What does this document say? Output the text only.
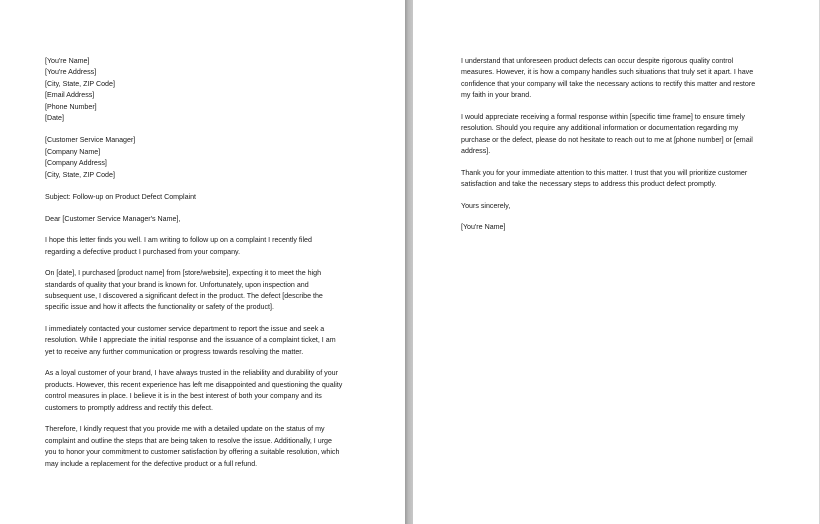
[You're Name]
[You're Address]
[City, State, ZIP Code]
[Email Address]
[Phone Number]
[Date]
[Customer Service Manager]
[Company Name]
[Company Address]
[City, State, ZIP Code]
Subject: Follow-up on Product Defect Complaint
Dear [Customer Service Manager's Name],
I hope this letter finds you well. I am writing to follow up on a complaint I recently filed
regarding a defective product I purchased from your company.
On [date], I purchased [product name] from [store/website], expecting it to meet the high
standards of quality that your brand is known for. Unfortunately, upon inspection and
subsequent use, I discovered a significant defect in the product. The defect [describe the
specific issue and how it affects the functionality or safety of the product].
I immediately contacted your customer service department to report the issue and seek a
resolution. While I appreciate the initial response and the issuance of a complaint ticket, I am
yet to receive any further communication or progress towards resolving the matter.
As a loyal customer of your brand, I have always trusted in the reliability and durability of your
products. However, this recent experience has left me disappointed and questioning the quality
control measures in place. I believe it is in the best interest of both your company and its
customers to promptly address and rectify this defect.
Therefore, I kindly request that you provide me with a detailed update on the status of my
complaint and outline the steps that are being taken to resolve the issue. Additionally, I urge
you to honor your commitment to customer satisfaction by offering a suitable resolution, which
may include a replacement for the defective product or a full refund.
I understand that unforeseen product defects can occur despite rigorous quality control
measures. However, it is how a company handles such situations that truly set it apart. I have
confidence that your company will take the necessary actions to rectify this matter and restore
my faith in your brand.
I would appreciate receiving a formal response within [specific time frame] to ensure timely
resolution. Should you require any additional information or documentation regarding my
purchase or the defect, please do not hesitate to reach out to me at [phone number] or [email
address].
Thank you for your immediate attention to this matter. I trust that you will prioritize customer
satisfaction and take the necessary steps to address this product defect promptly.
Yours sincerely,
[You're Name]
